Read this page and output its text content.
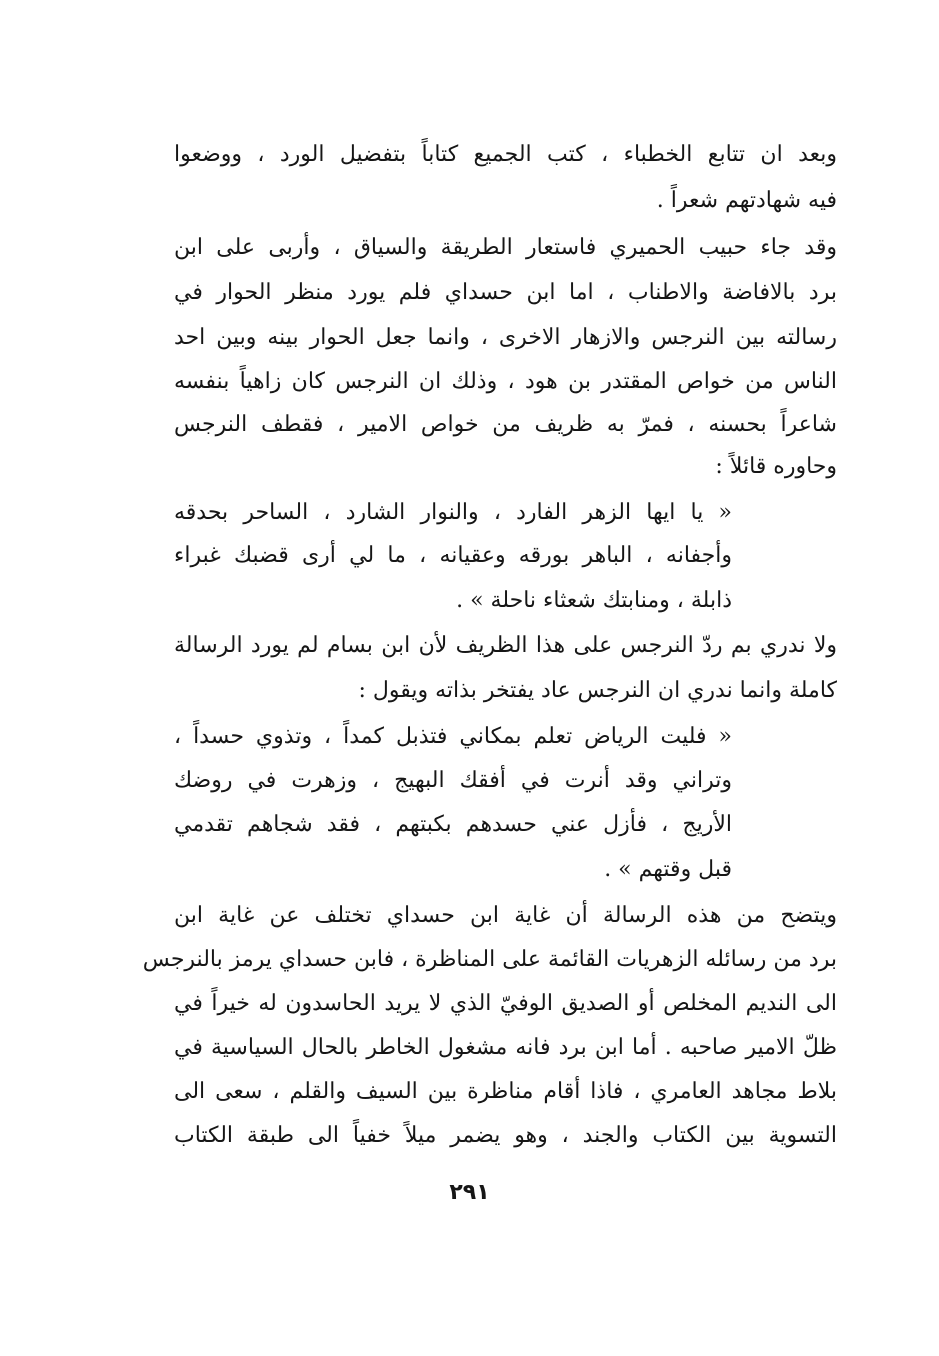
وبعد ان تتابع الخطباء ، كتب الجميع كتاباً بتفضيل الورد ، ووضعوا
فيه شهادتهم شعراً .
وقد جاء حبيب الحميري فاستعار الطريقة والسياق ، وأربى على ابن
برد بالافاضة والاطناب ، اما ابن حسداي فلم يورد منظر الحوار في
رسالته بين النرجس والازهار الاخرى ، وانما جعل الحوار بينه وبين احد
الناس من خواص المقتدر بن هود ، وذلك ان النرجس كان زاهياً بنفسه
شاعراً بحسنه ، فمرّ به ظريف من خواص الامير ، فقطف النرجس
وحاوره قائلاً :
« يا ايها الزهر الفارد ، والنوار الشارد ، الساحر بحدقه
وأجفانه ، الباهر بورقه وعقيانه ، ما لي أرى قضبك غبراء
ذابلة ، ومنابتك شعثاء ناحلة » .
ولا ندري بم ردّ النرجس على هذا الظريف لأن ابن بسام لم يورد الرسالة
كاملة وانما ندري ان النرجس عاد يفتخر بذاته ويقول :
« فليت الرياض تعلم بمكاني فتذبل كمداً ، وتذوي حسداً ،
وتراني وقد أنرت في أفقك البهيج ، وزهرت في روضك
الأريج ، فأزل عني حسدهم بكبتهم ، فقد شجاهم تقدمي
قبل وقتهم » .
ويتضح من هذه الرسالة أن غاية ابن حسداي تختلف عن غاية ابن
برد من رسائله الزهريات القائمة على المناظرة ، فابن حسداي يرمز بالنرجس
الى النديم المخلص أو الصديق الوفيّ الذي لا يريد الحاسدون له خيراً في
ظلّ الامير صاحبه . أما ابن برد فانه مشغول الخاطر بالحال السياسية في
بلاط مجاهد العامري ، فاذا أقام مناظرة بين السيف والقلم ، سعى الى
التسوية بين الكتاب والجند ، وهو يضمر ميلاً خفياً الى طبقة الكتاب
٢٩١
